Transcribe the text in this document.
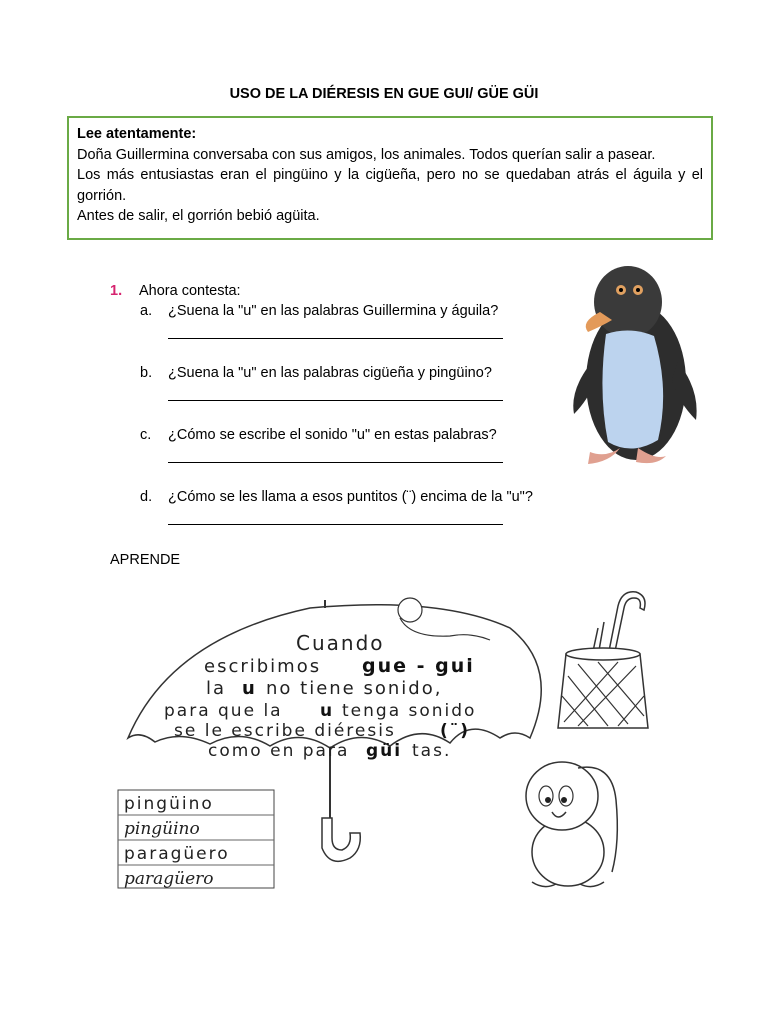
USO DE LA DIÉRESIS EN GUE GUI/ GÜE GÜI
Lee atentamente:

Doña Guillermina conversaba con sus amigos, los animales. Todos querían salir a pasear.

Los más entusiastas eran el pingüino y la cigüeña, pero no se quedaban atrás el águila y el gorrión.

Antes de salir, el gorrión bebió agüita.

1. Ahora contesta:
a. ¿Suena la "u" en las palabras Guillermina y águila?
b. ¿Suena la "u" en las palabras cigüeña y pingüino?
c. ¿Cómo se escribe el sonido "u" en estas palabras?
d. ¿Cómo se les llama a esos puntitos (¨) encima de la "u"?
APRENDE
Cuando
escribimos gue - gui
la u no tiene sonido,
para que la u tenga sonido
se le escribe diéresis	(¨)
como en para güi tas.
pingüino
pingüino
paragüero
paragüero
